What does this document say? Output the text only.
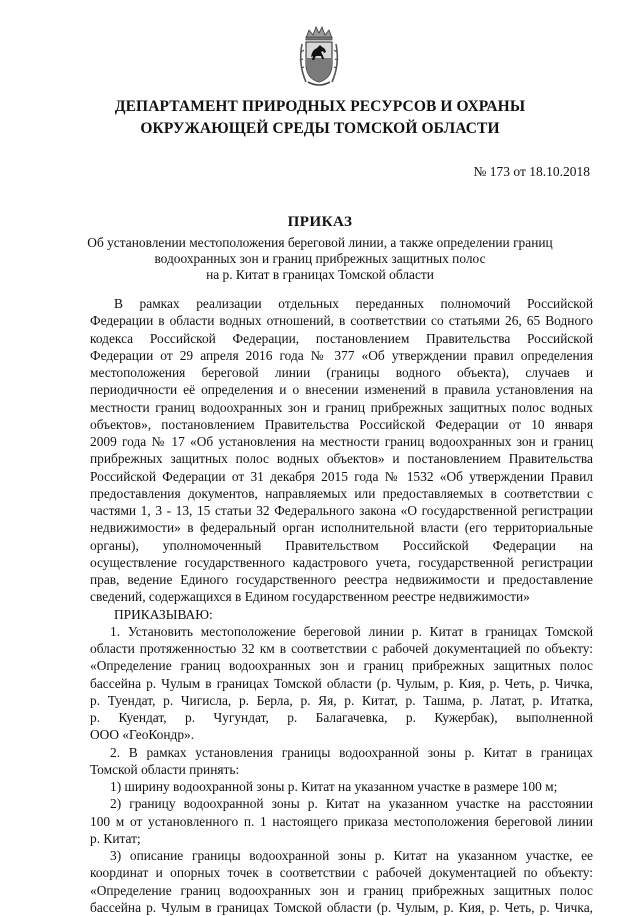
ДЕПАРТАМЕНТ ПРИРОДНЫХ РЕСУРСОВ И ОХРАНЫ
ОКРУЖАЮЩЕЙ СРЕДЫ ТОМСКОЙ ОБЛАСТИ
№ 173 от 18.10.2018
ПРИКАЗ
Об установлении местоположения береговой линии, а также определении границ
водоохранных зон и границ прибрежных защитных полос
на р. Китат в границах Томской области
В рамках реализации отдельных переданных полномочий Российской
Федерации в области водных отношений, в соответствии со статьями 26, 65 Водного
кодекса Российской Федерации, постановлением Правительства Российской
Федерации от 29 апреля 2016 года № 377 «Об утверждении правил определения
местоположения береговой линии (границы водного объекта), случаев и
периодичности её определения и о внесении изменений в правила установления на
местности границ водоохранных зон и границ прибрежных защитных полос водных
объектов», постановлением Правительства Российской Федерации от 10 января
2009 года № 17 «Об установления на местности границ водоохранных зон и границ
прибрежных защитных полос водных объектов» и постановлением Правительства
Российской Федерации от 31 декабря 2015 года № 1532 «Об утверждении Правил
предоставления документов, направляемых или предоставляемых в соответствии с
частями 1, 3 - 13, 15 статьи 32 Федерального закона «О государственной регистрации
недвижимости» в федеральный орган исполнительной власти (его территориальные
органы), уполномоченный Правительством Российской Федерации на
осуществление государственного кадастрового учета, государственной регистрации
прав, ведение Единого государственного реестра недвижимости и предоставление
сведений, содержащихся в Едином государственном реестре недвижимости»
ПРИКАЗЫВАЮ:
1. Установить местоположение береговой линии р. Китат в границах Томской
области протяженностью 32 км в соответствии с рабочей документацией по объекту:
«Определение границ водоохранных зон и границ прибрежных защитных полос
бассейна р. Чулым в границах Томской области (р. Чулым, р. Кия, р. Четь, р. Чичка,
р. Туендат, р. Чигисла, р. Берла, р. Яя, р. Китат, р. Ташма, р. Латат, р. Итатка,
р. Куендат, р. Чугундат, р. Балагачевка, р. Кужербак), выполненной
ООО «ГеоКондр».
2. В рамках установления границы водоохранной зоны р. Китат в границах
Томской области принять:
1) ширину водоохранной зоны р. Китат на указанном участке в размере 100 м;
2) границу водоохранной зоны р. Китат на указанном участке на расстоянии
100 м от установленного п. 1 настоящего приказа местоположения береговой линии
р. Китат;
3) описание границы водоохранной зоны р. Китат на указанном участке, ее
координат и опорных точек в соответствии с рабочей документацией по объекту:
«Определение границ водоохранных зон и границ прибрежных защитных полос
бассейна р. Чулым в границах Томской области (р. Чулым, р. Кия, р. Четь, р. Чичка,
